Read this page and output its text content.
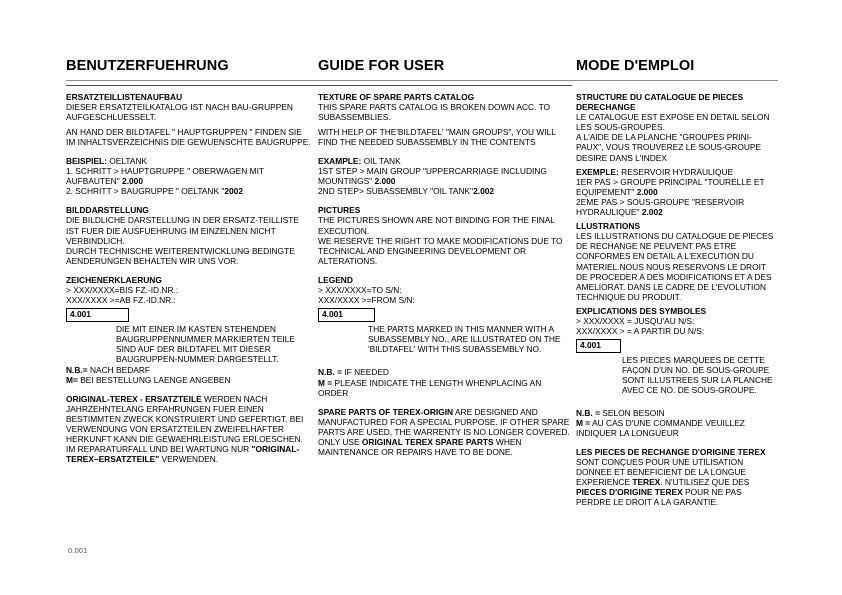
BENUTZERFUEHRUNG	GUIDE FOR USER	MODE D'EMPLOI
ERSATZTEILLISTENAUFBAU
DIESER ERSATZTEILKATALOG IST NACH BAU-GRUPPEN AUFGESCHLUESSELT.
AN HAND DER BILDTAFEL " HAUPTGRUPPEN " FINDEN SIE IM INHALTSVERZEICHNIS DIE GEWUENSCHTE BAUGRUPPE.
BEISPIEL: OELTANK
1. SCHRITT > HAUPTGRUPPE " OBERWAGEN MIT AUFBAUTEN" 2.000
2. SCHRITT > BAUGRUPPE " OELTANK "2002
BILDDARSTELLUNG
DIE BILDLICHE DARSTELLUNG IN DER ERSATZ-TEILLISTE IST FUER DIE AUSFUEHRUNG IM EINZELNEN NICHT VERBINDLICH.
DURCH TECHNISCHE WEITERENTWICKLUNG BEDINGTE AENDERUNGEN BEHALTEN WIR UNS VOR.
ZEICHENERKLAERUNG
> XXX/XXXX=BIS FZ.-ID.NR.:
XXX/XXXX >=AB FZ.-ID.NR.:
4.001
DIE MIT EINER IM KASTEN STEHENDEN BAUGRUPPENNUMMER MARKIERTEN TEILE SIND AUF DER BILDTAFEL MIT DIESER BAUGRUPPEN-NUMMER DARGESTELLT.
N.B.= NACH BEDARF
M= BEI BESTELLUNG LAENGE ANGEBEN
ORIGINAL-TEREX - ERSATZTEILE WERDEN NACH JAHRZEHNTELANG ERFAHRUNGEN FUER EINEN BESTIMMTEN ZWECK KONSTRUIERT UND GEFERTIGT. BEI VERWENDUNG VON ERSATZTEILEN ZWEIFELHAFTER HERKUNFT KANN DIE GEWAEHRLEISTUNG ERLOESCHEN. IM REPARATURFALL UND BEI WARTUNG NUR "ORIGINAL-TEREX–ERSATZTEILE" VERWENDEN.
TEXTURE OF SPARE PARTS CATALOG
THIS SPARE PARTS CATALOG IS BROKEN DOWN ACC. TO SUBASSEMBLIES.
WITH HELP OF THE'BILDTAFEL' "MAIN GROUPS", YOU WILL FIND THE NEEDED SUBASSEMBLY IN THE CONTENTS
EXAMPLE: OIL TANK
1ST STEP > MAIN GROUP "UPPERCARRIAGE INCLUDING MOUNTINGS" 2.000
2ND STEP> SUBASSEMBLY "OIL TANK"2.002
PICTURES
THE PICTURES SHOWN ARE NOT BINDING FOR THE FINAL EXECUTION.
WE RESERVE THE RIGHT TO MAKE MODIFICATIONS DUE TO TECHNICAL AND ENGINEERING DEVELOPMENT OR ALTERATIONS.
LEGEND
> XXX/XXXX=TO S/N:
XXX/XXXX >=FROM S/N:
4.001
THE PARTS MARKED IN THIS MANNER WITH A SUBASSEMBLY NO., ARE ILLUSTRATED ON THE 'BILDTAFEL' WITH THIS SUBASSEMBLY NO.
N.B. = IF NEEDED
M = PLEASE INDICATE THE LENGTH WHENPLACING AN ORDER
SPARE PARTS OF TEREX-ORIGIN ARE DESIGNED AND MANUFACTURED FOR A SPECIAL PURPOSE. IF OTHER SPARE PARTS ARE USED, THE WARRENTY IS NO LONGER COVERED. ONLY USE ORIGINAL TEREX SPARE PARTS WHEN MAINTENANCE OR REPAIRS HAVE TO BE DONE.
STRUCTURE DU CATALOGUE DE PIECES DERECHANGE
LE CATALOGUE EST EXPOSE EN DETAIL SELON LES SOUS-GROUPES.
A L'AIDE DE LA PLANCHE "GROUPES PRINI-PAUX", VOUS TROUVEREZ LE SOUS-GROUPE DESIRE DANS L'INDEX
EXEMPLE: RESERVOIR HYDRAULIQUE
1ER PAS > GROUPE PRINCIPAL "TOURELLE ET EQUIPEMENT" 2.000
2EME PAS > SOUS-GROUPE "RESERVOIR HYDRAULIQUE" 2.002
LLUSTRATIONS
LES ILLUSTRATIONS DU CATALOGUE DE PIECES DE RECHANGE NE PEUVENT PAS ETRE CONFORMES EN DETAIL A L'EXECUTION DU MATERIEL.NOUS NOUS RESERVONS LE DROIT DE PROCEDER A DES MODIFICATIONS ET A DES AMELIORAT. DANS LE CADRE DE L'EVOLUTION TECHNIQUE DU PRODUIT.
EXPLICATIONS DES SYMBOLES
> XXX/XXXX = JUSQU'AU N/S:
XXX/XXXX > = A PARTIR DU N/S:
4.001
LES PIECES MARQUEES DE CETTE FAÇON D'UN NO. DE SOUS-GROUPE SONT ILLUSTREES SUR LA PLANCHE AVEC CE NO. DE SOUS-GROUPE.
N.B. = SELON BESOIN
M = AU CAS D'UNE COMMANDE VEUILLEZ INDIQUER LA LONGUEUR
LES PIECES DE RECHANGE D'ORIGINE TEREX SONT CONÇUES POUR UNE UTILISATION DONNEE ET BENEFICIENT DE LA LONGUE EXPERIENCE TEREX. N'UTILISEZ QUE DES PIECES D'ORIGINE TEREX POUR NE PAS PERDRE LE DROIT A LA GARANTIE.
0.001
